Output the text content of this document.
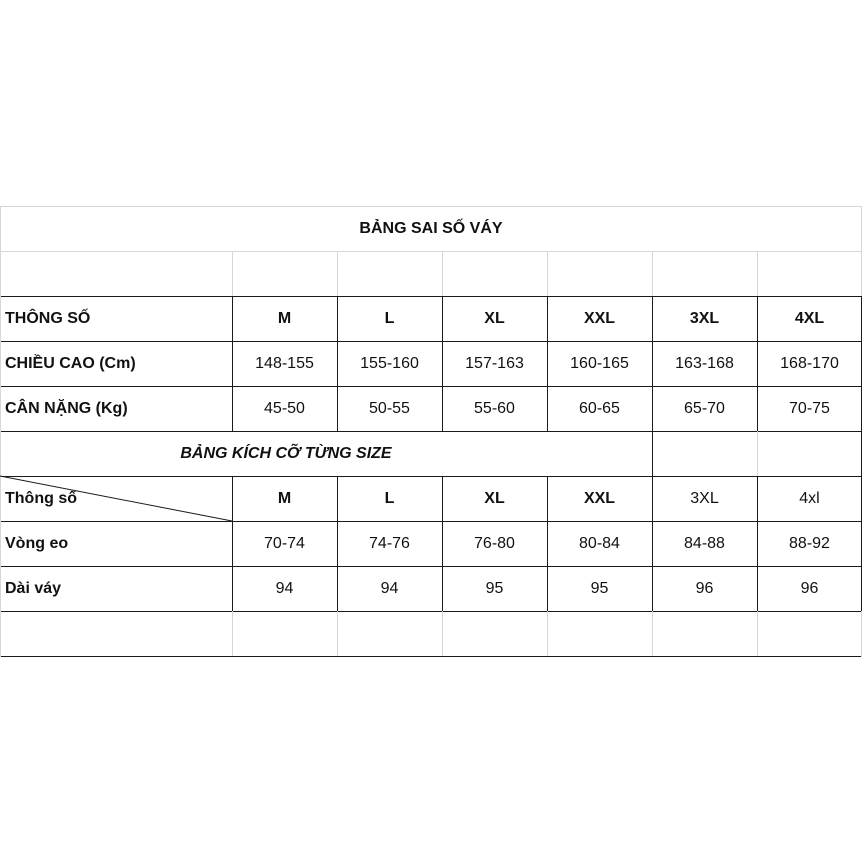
BẢNG SAI SỐ VÁY
THÔNG SỐ	M	L	XL	XXL	3XL	4XL
CHIỀU CAO (Cm)	148-155	155-160	157-163	160-165	163-168	168-170
CÂN NẶNG (Kg)	45-50	50-55	55-60	60-65	65-70	70-75
BẢNG KÍCH CỠ TỪNG SIZE
Thông số	M	L	XL	XXL	3XL	4xl
Vòng eo	70-74	74-76	76-80	80-84	84-88	88-92
Dài váy	94	94	95	95	96	96
